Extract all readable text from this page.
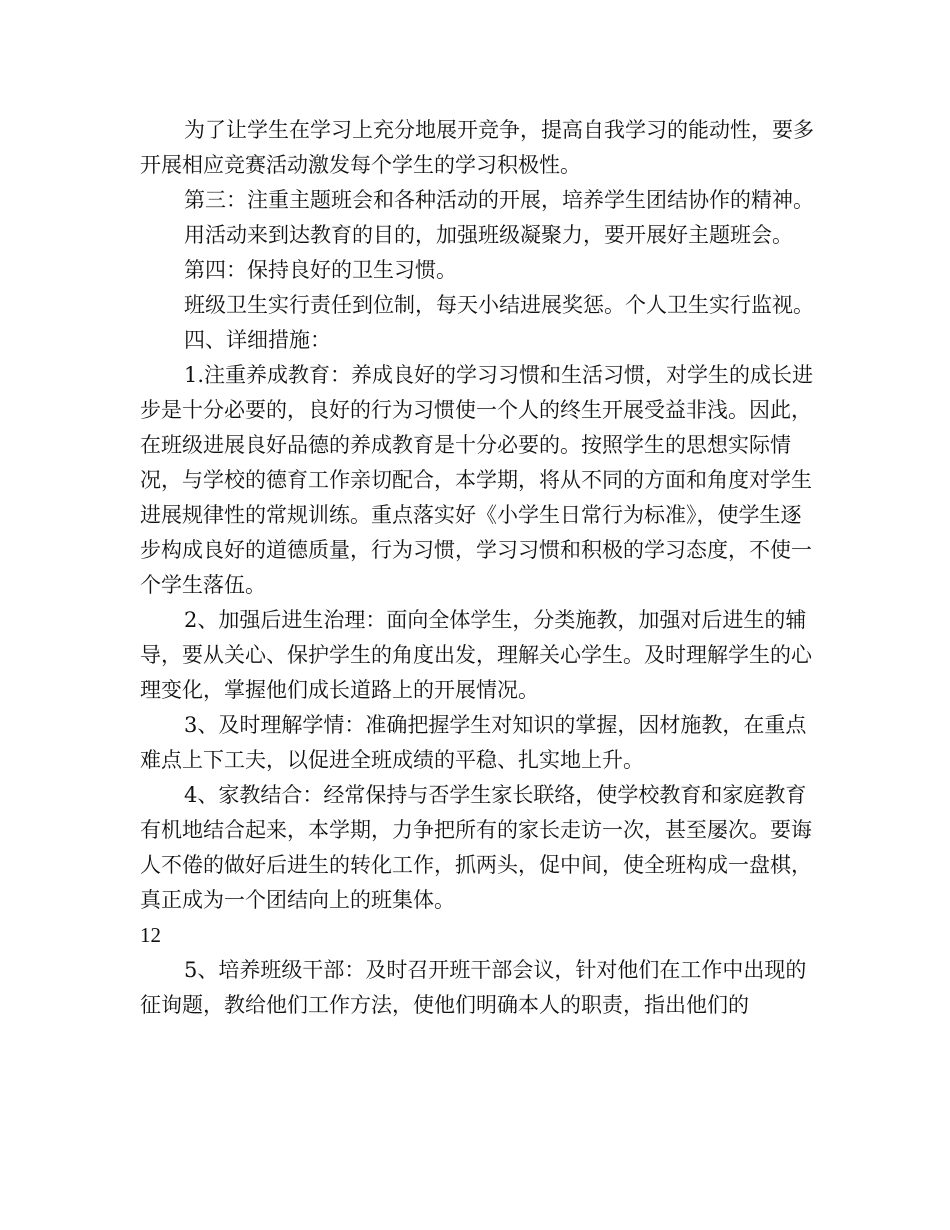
为了让学生在学习上充分地展开竞争，提高自我学习的能动性，要多开展相应竞赛活动激发每个学生的学习积极性。

第三：注重主题班会和各种活动的开展，培养学生团结协作的精神。

用活动来到达教育的目的，加强班级凝聚力，要开展好主题班会。

第四：保持良好的卫生习惯。

班级卫生实行责任到位制，每天小结进展奖惩。个人卫生实行监视。

四、详细措施：

1.注重养成教育：养成良好的学习习惯和生活习惯，对学生的成长进步是十分必要的，良好的行为习惯使一个人的终生开展受益非浅。因此，在班级进展良好品德的养成教育是十分必要的。按照学生的思想实际情况，与学校的德育工作亲切配合，本学期，将从不同的方面和角度对学生进展规律性的常规训练。重点落实好《小学生日常行为标准》，使学生逐步构成良好的道德质量，行为习惯，学习习惯和积极的学习态度，不使一个学生落伍。

2、加强后进生治理：面向全体学生，分类施教，加强对后进生的辅导，要从关心、保护学生的角度出发，理解关心学生。及时理解学生的心理变化，掌握他们成长道路上的开展情况。

3、及时理解学情：准确把握学生对知识的掌握，因材施教，在重点难点上下工夫，以促进全班成绩的平稳、扎实地上升。

4、家教结合：经常保持与否学生家长联络，使学校教育和家庭教育有机地结合起来，本学期，力争把所有的家长走访一次，甚至屡次。要诲人不倦的做好后进生的转化工作，抓两头，促中间，使全班构成一盘棋，真正成为一个团结向上的班集体。

12

5、培养班级干部：及时召开班干部会议，针对他们在工作中出现的征询题，教给他们工作方法，使他们明确本人的职责，指出他们的
